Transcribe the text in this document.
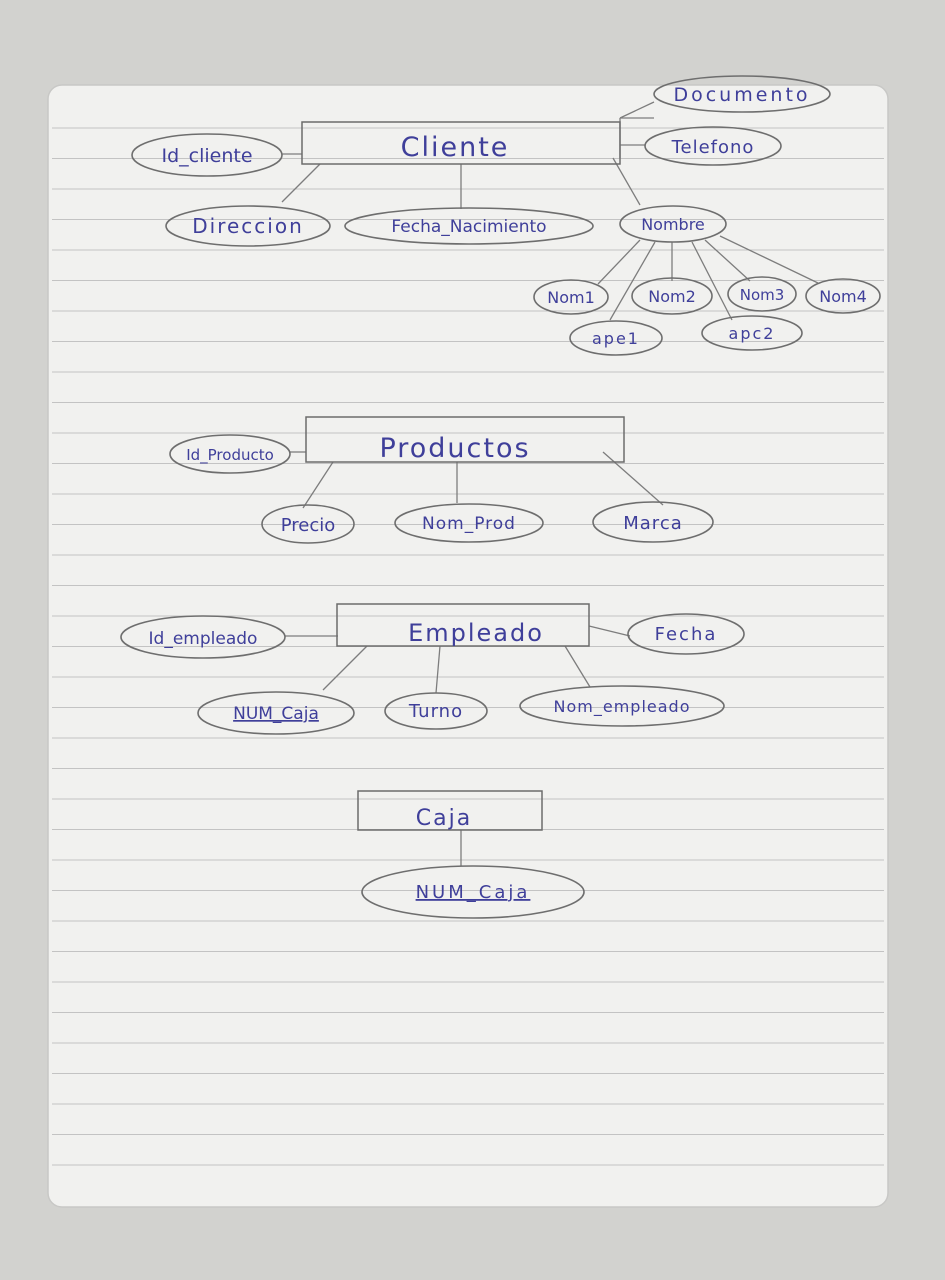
Cliente
Productos
Empleado
Caja
Documento
Telefono
Id_cliente
Direccion	Fecha_Nacimiento	Nombre
Nom1	Nom2	Nom3 Nom4
ape1	apc2
Id_Producto
Precio	Nom_Prod	Marca
Id_empleado	Fecha
NUM_Caja	Turno	Nom_empleado
NUM_Caja
